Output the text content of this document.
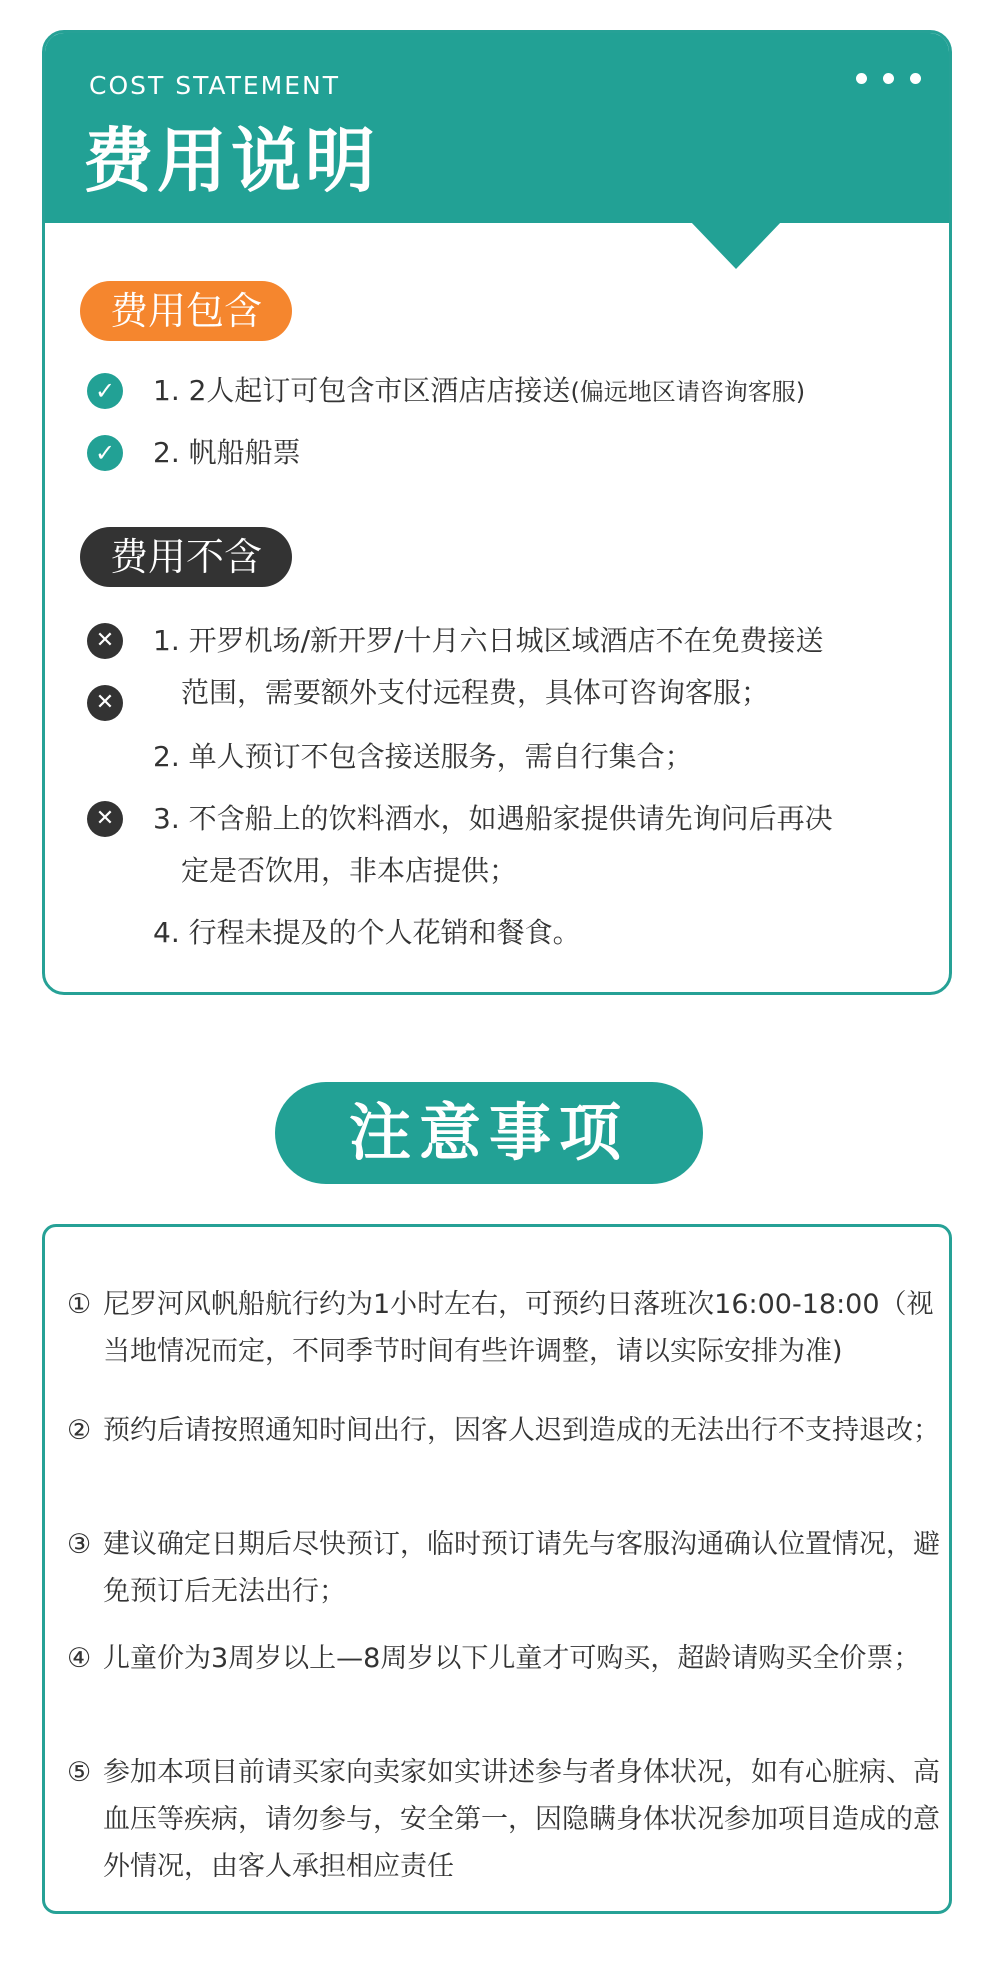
COST STATEMENT
费用说明
费用包含
✓ 1. 2人起订可包含市区酒店店接送(偏远地区请咨询客服)
✓ 2. 帆船船票
费用不含
✕
✕
1. 开罗机场/新开罗/十月六日城区域酒店不在免费接送
范围，需要额外支付远程费，具体可咨询客服；
2. 单人预订不包含接送服务，需自行集合；
✕	3. 不含船上的饮料酒水，如遇船家提供请先询问后再决
定是否饮用，非本店提供；
4. 行程未提及的个人花销和餐食。
注意事项
① 尼罗河风帆船航行约为1小时左右，可预约日落班次16:00-18:00（视当地情况而定，不同季节时间有些许调整，请以实际安排为准)
② 预约后请按照通知时间出行，因客人迟到造成的无法出行不支持退改；
③ 建议确定日期后尽快预订，临时预订请先与客服沟通确认位置情况，避免预订后无法出行；
④ 儿童价为3周岁以上—8周岁以下儿童才可购买，超龄请购买全价票；
⑤ 参加本项目前请买家向卖家如实讲述参与者身体状况，如有心脏病、高血压等疾病，请勿参与，安全第一，因隐瞒身体状况参加项目造成的意外情况，由客人承担相应责任
